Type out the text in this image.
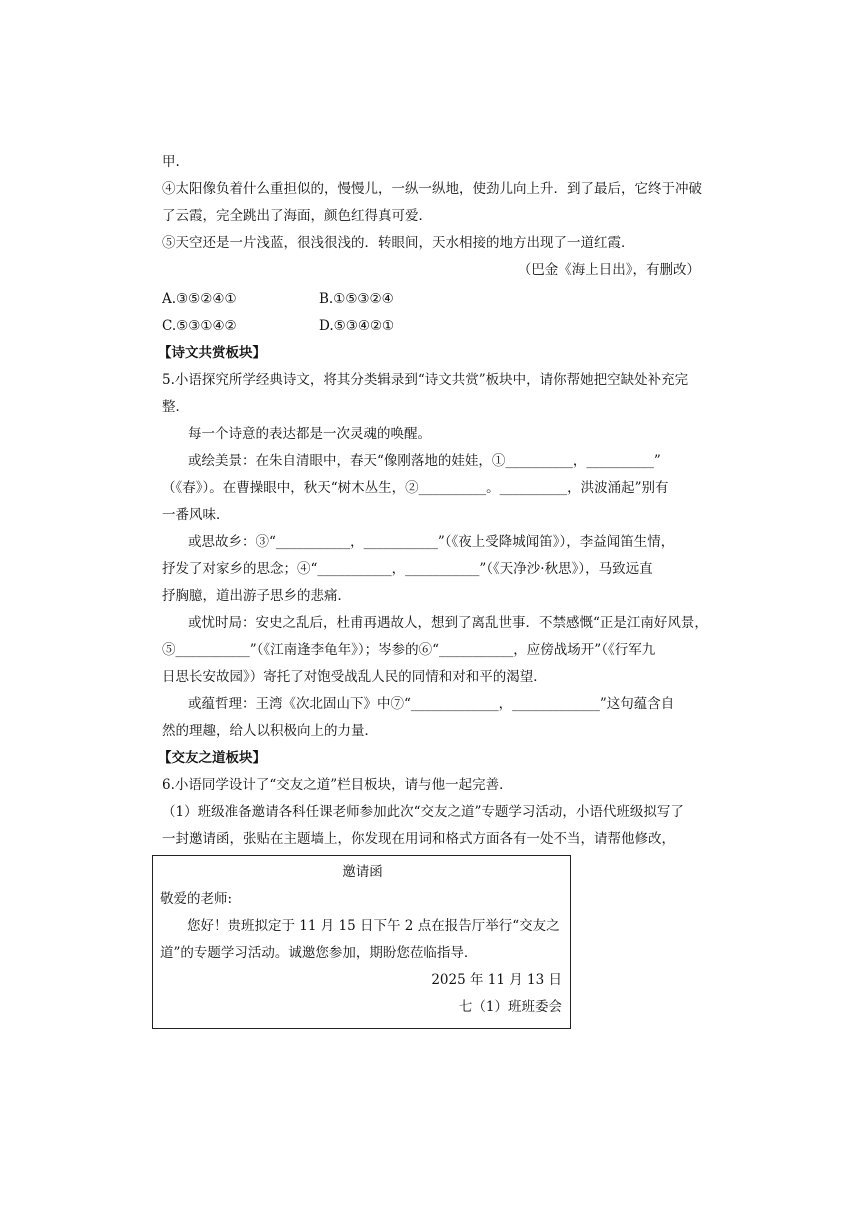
甲.
④太阳像负着什么重担似的，慢慢儿，一纵一纵地，使劲儿向上升．到了最后，它终于冲破
了云霞，完全跳出了海面，颜色红得真可爱．
⑤天空还是一片浅蓝，很浅很浅的．转眼间，天水相接的地方出现了一道红霞．
（巴金《海上日出》，有删改）
A.③⑤②④①	B.①⑤③②④
C.⑤③①④②	D.⑤③④②①
【诗文共赏板块】
5.小语探究所学经典诗文，将其分类辑录到“诗文共赏”板块中，请你帮她把空缺处补充完
整．
每一个诗意的表达都是一次灵魂的唤醒。
或绘美景：在朱自清眼中，春天“像刚落地的娃娃，①__________，__________”
（《春》）。在曹操眼中，秋天“树木丛生，②__________。__________，洪波涌起”别有
一番风味．
或思故乡：③“___________，___________”（《夜上受降城闻笛》），李益闻笛生情，
抒发了对家乡的思念；④“___________，___________”（《天净沙·秋思》），马致远直
抒胸臆，道出游子思乡的悲痛．
或忧时局：安史之乱后，杜甫再遇故人，想到了离乱世事．不禁感慨“正是江南好风景，
⑤___________”（《江南逢李龟年》）；岑参的⑥“___________，应傍战场开”（《行军九
日思长安故园》）寄托了对饱受战乱人民的同情和对和平的渴望．
或蕴哲理：王湾《次北固山下》中⑦“_____________，_____________”这句蕴含自
然的理趣，给人以积极向上的力量．
【交友之道板块】
6.小语同学设计了“交友之道”栏目板块，请与他一起完善．
（1）班级准备邀请各科任课老师参加此次“交友之道”专题学习活动，小语代班级拟写了
一封邀请函，张贴在主题墙上，你发现在用词和格式方面各有一处不当，请帮他修改，
邀请函
敬爱的老师:
您好！贵班拟定于 11 月 15 日下午 2 点在报告厅举行“交友之
道”的专题学习活动。诚邀您参加，期盼您莅临指导．
2025 年 11 月 13 日
七（1）班班委会
